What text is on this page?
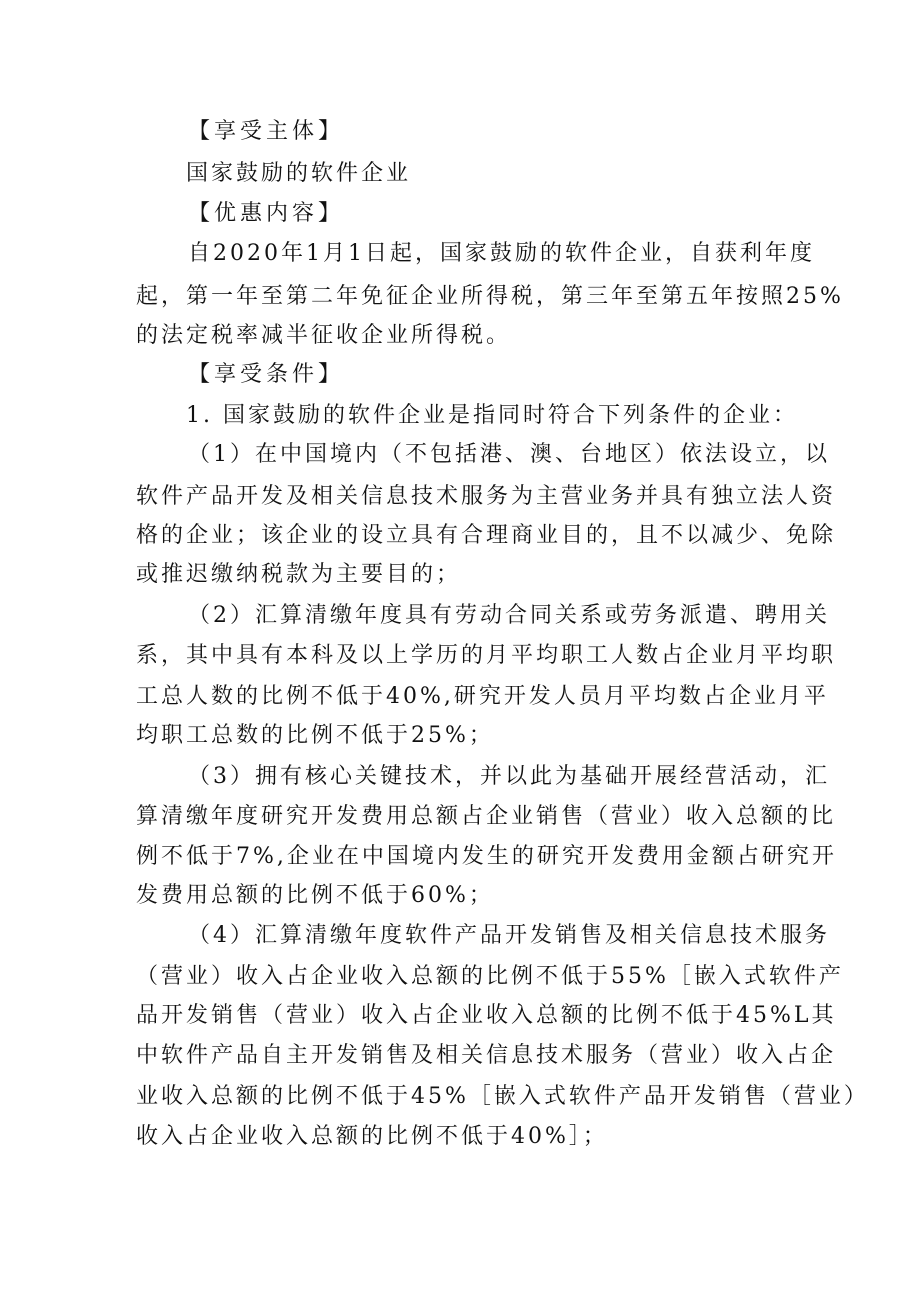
【享受主体】
国家鼓励的软件企业
【优惠内容】
自2020年1月1日起，国家鼓励的软件企业，自获利年度
起，第一年至第二年免征企业所得税，第三年至第五年按照25%
的法定税率减半征收企业所得税。
【享受条件】
1. 国家鼓励的软件企业是指同时符合下列条件的企业：
（1）在中国境内（不包括港、澳、台地区）依法设立，以
软件产品开发及相关信息技术服务为主营业务并具有独立法人资
格的企业；该企业的设立具有合理商业目的，且不以减少、免除
或推迟缴纳税款为主要目的；
（2）汇算清缴年度具有劳动合同关系或劳务派遣、聘用关
系，其中具有本科及以上学历的月平均职工人数占企业月平均职
工总人数的比例不低于40%,研究开发人员月平均数占企业月平
均职工总数的比例不低于25%；
（3）拥有核心关键技术，并以此为基础开展经营活动，汇
算清缴年度研究开发费用总额占企业销售（营业）收入总额的比
例不低于7%,企业在中国境内发生的研究开发费用金额占研究开
发费用总额的比例不低于60%；
（4）汇算清缴年度软件产品开发销售及相关信息技术服务
（营业）收入占企业收入总额的比例不低于55%［嵌入式软件产
品开发销售（营业）收入占企业收入总额的比例不低于45%L其
中软件产品自主开发销售及相关信息技术服务（营业）收入占企
业收入总额的比例不低于45%［嵌入式软件产品开发销售（营业）
收入占企业收入总额的比例不低于40%］；
